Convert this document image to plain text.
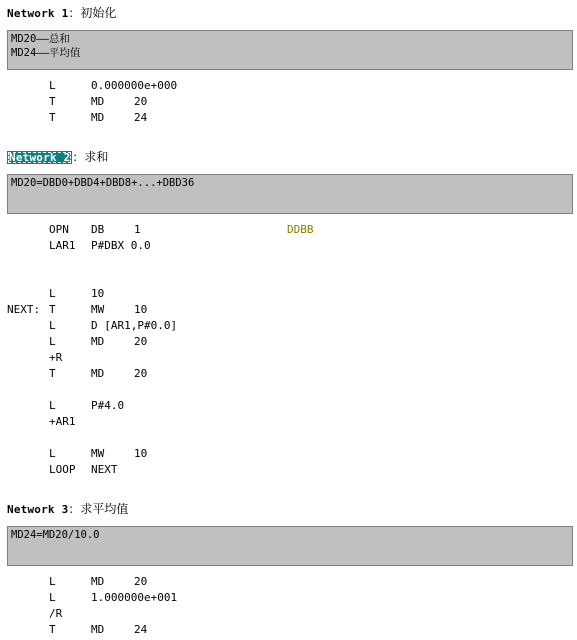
Network 1：初始化
MD20——总和
MD24——平均值
L	0.000000e+000
T	MD	20
T	MD	24
Network 2 ：求和
MD20=DBD0+DBD4+DBD8+...+DBD36
OPN DB	1	DDBB
LAR1 P#DBX 0.0
L	10
NEXT: T	MW	10
L	D [AR1,P#0.0]
L	MD	20
+R
T	MD	20
L	P#4.0
+AR1
L	MW	10
LOOP NEXT
Network 3：求平均值
MD24=MD20/10.0
L	MD	20
L	1.000000e+001
/R
T	MD	24
